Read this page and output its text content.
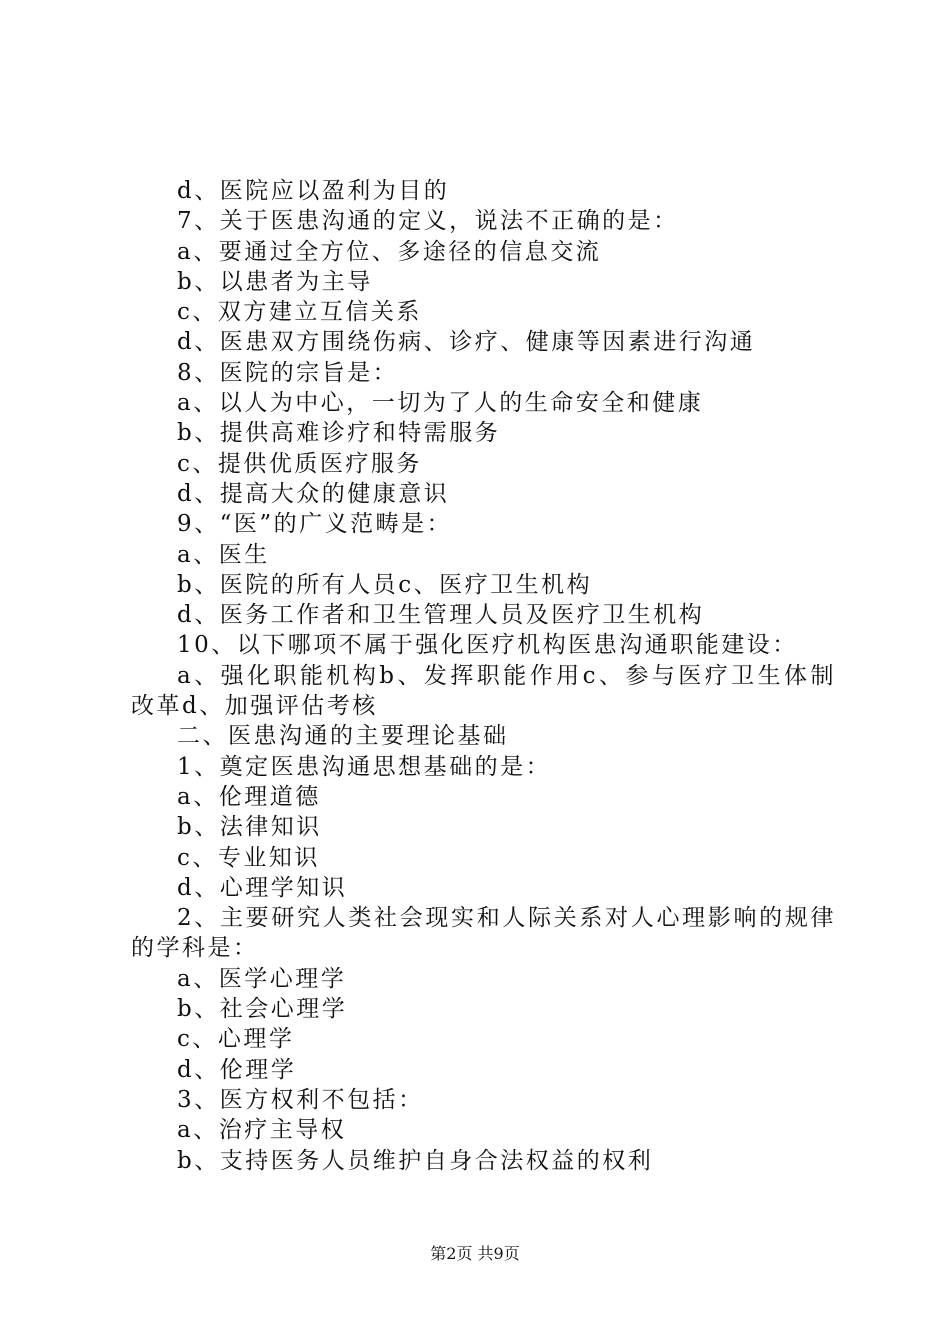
d、医院应以盈利为目的
7、关于医患沟通的定义，说法不正确的是：
a、要通过全方位、多途径的信息交流
b、以患者为主导
c、双方建立互信关系
d、医患双方围绕伤病、诊疗、健康等因素进行沟通
8、医院的宗旨是：
a、以人为中心，一切为了人的生命安全和健康
b、提供高难诊疗和特需服务
c、提供优质医疗服务
d、提高大众的健康意识
9、“医”的广义范畴是：
a、医生
b、医院的所有人员c、医疗卫生机构
d、医务工作者和卫生管理人员及医疗卫生机构
10、以下哪项不属于强化医疗机构医患沟通职能建设：
a、强化职能机构b、发挥职能作用c、参与医疗卫生体制改革d、加强评估考核
二、医患沟通的主要理论基础
1、奠定医患沟通思想基础的是：
a、伦理道德
b、法律知识
c、专业知识
d、心理学知识
2、主要研究人类社会现实和人际关系对人心理影响的规律的学科是：
a、医学心理学
b、社会心理学
c、心理学
d、伦理学
3、医方权利不包括：
a、治疗主导权
b、支持医务人员维护自身合法权益的权利
第2页 共9页
